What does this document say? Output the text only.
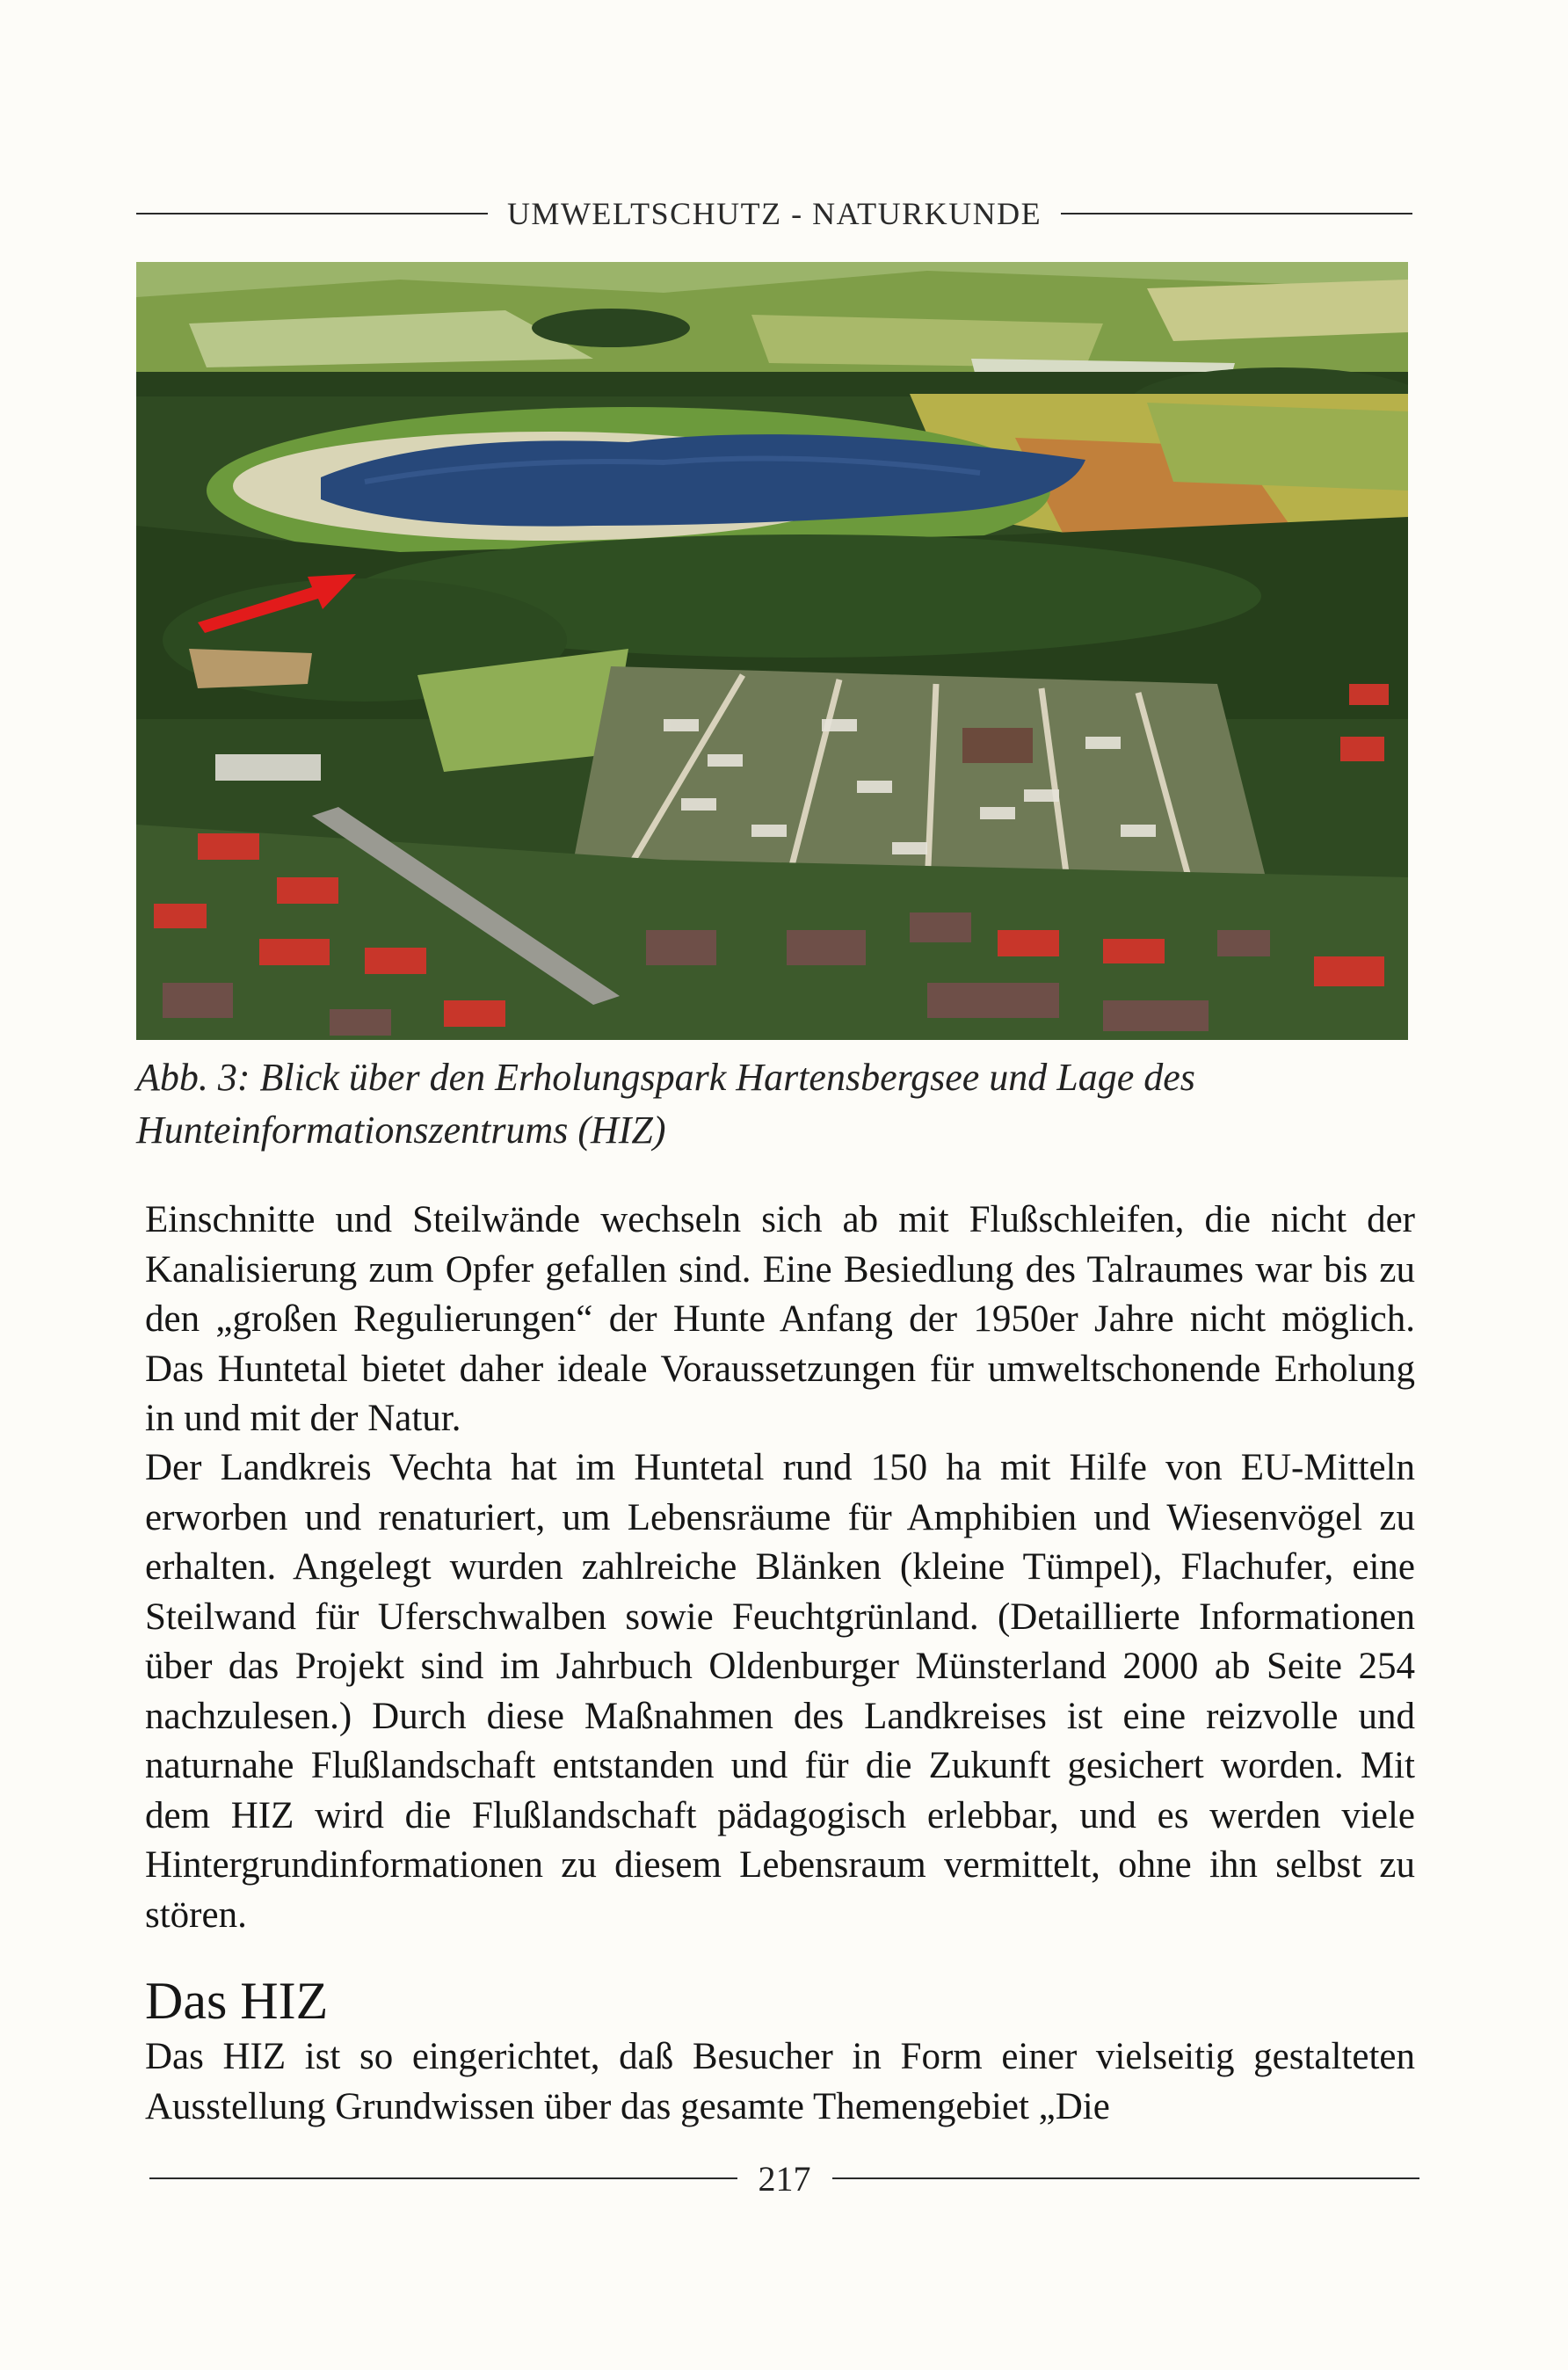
UMWELTSCHUTZ - NATURKUNDE
Abb. 3: Blick über den Erholungspark Hartensbergsee und Lage des Hunteinformationszentrums (HIZ)

Einschnitte und Steilwände wechseln sich ab mit Flußschleifen, die nicht der Kanalisierung zum Opfer gefallen sind. Eine Besiedlung des Talraumes war bis zu den „großen Regulierungen“ der Hunte Anfang der 1950er Jahre nicht möglich. Das Huntetal bietet daher ideale Voraussetzungen für umweltschonende Erholung in und mit der Natur.

Der Landkreis Vechta hat im Huntetal rund 150 ha mit Hilfe von EU-Mitteln erworben und renaturiert, um Lebensräume für Amphibien und Wiesenvögel zu erhalten. Angelegt wurden zahlreiche Blänken (kleine Tümpel), Flachufer, eine Steilwand für Uferschwalben sowie Feuchtgrünland. (Detaillierte Informationen über das Projekt sind im Jahrbuch Oldenburger Münsterland 2000 ab Seite 254 nachzulesen.) Durch diese Maßnahmen des Landkreises ist eine reizvolle und naturnahe Flußlandschaft entstanden und für die Zukunft gesichert worden. Mit dem HIZ wird die Flußlandschaft pädagogisch erlebbar, und es werden viele Hintergrundinformationen zu diesem Lebensraum vermittelt, ohne ihn selbst zu stören.

Das HIZ

Das HIZ ist so eingerichtet, daß Besucher in Form einer vielseitig gestalteten Ausstellung Grundwissen über das gesamte Themengebiet „Die

217
